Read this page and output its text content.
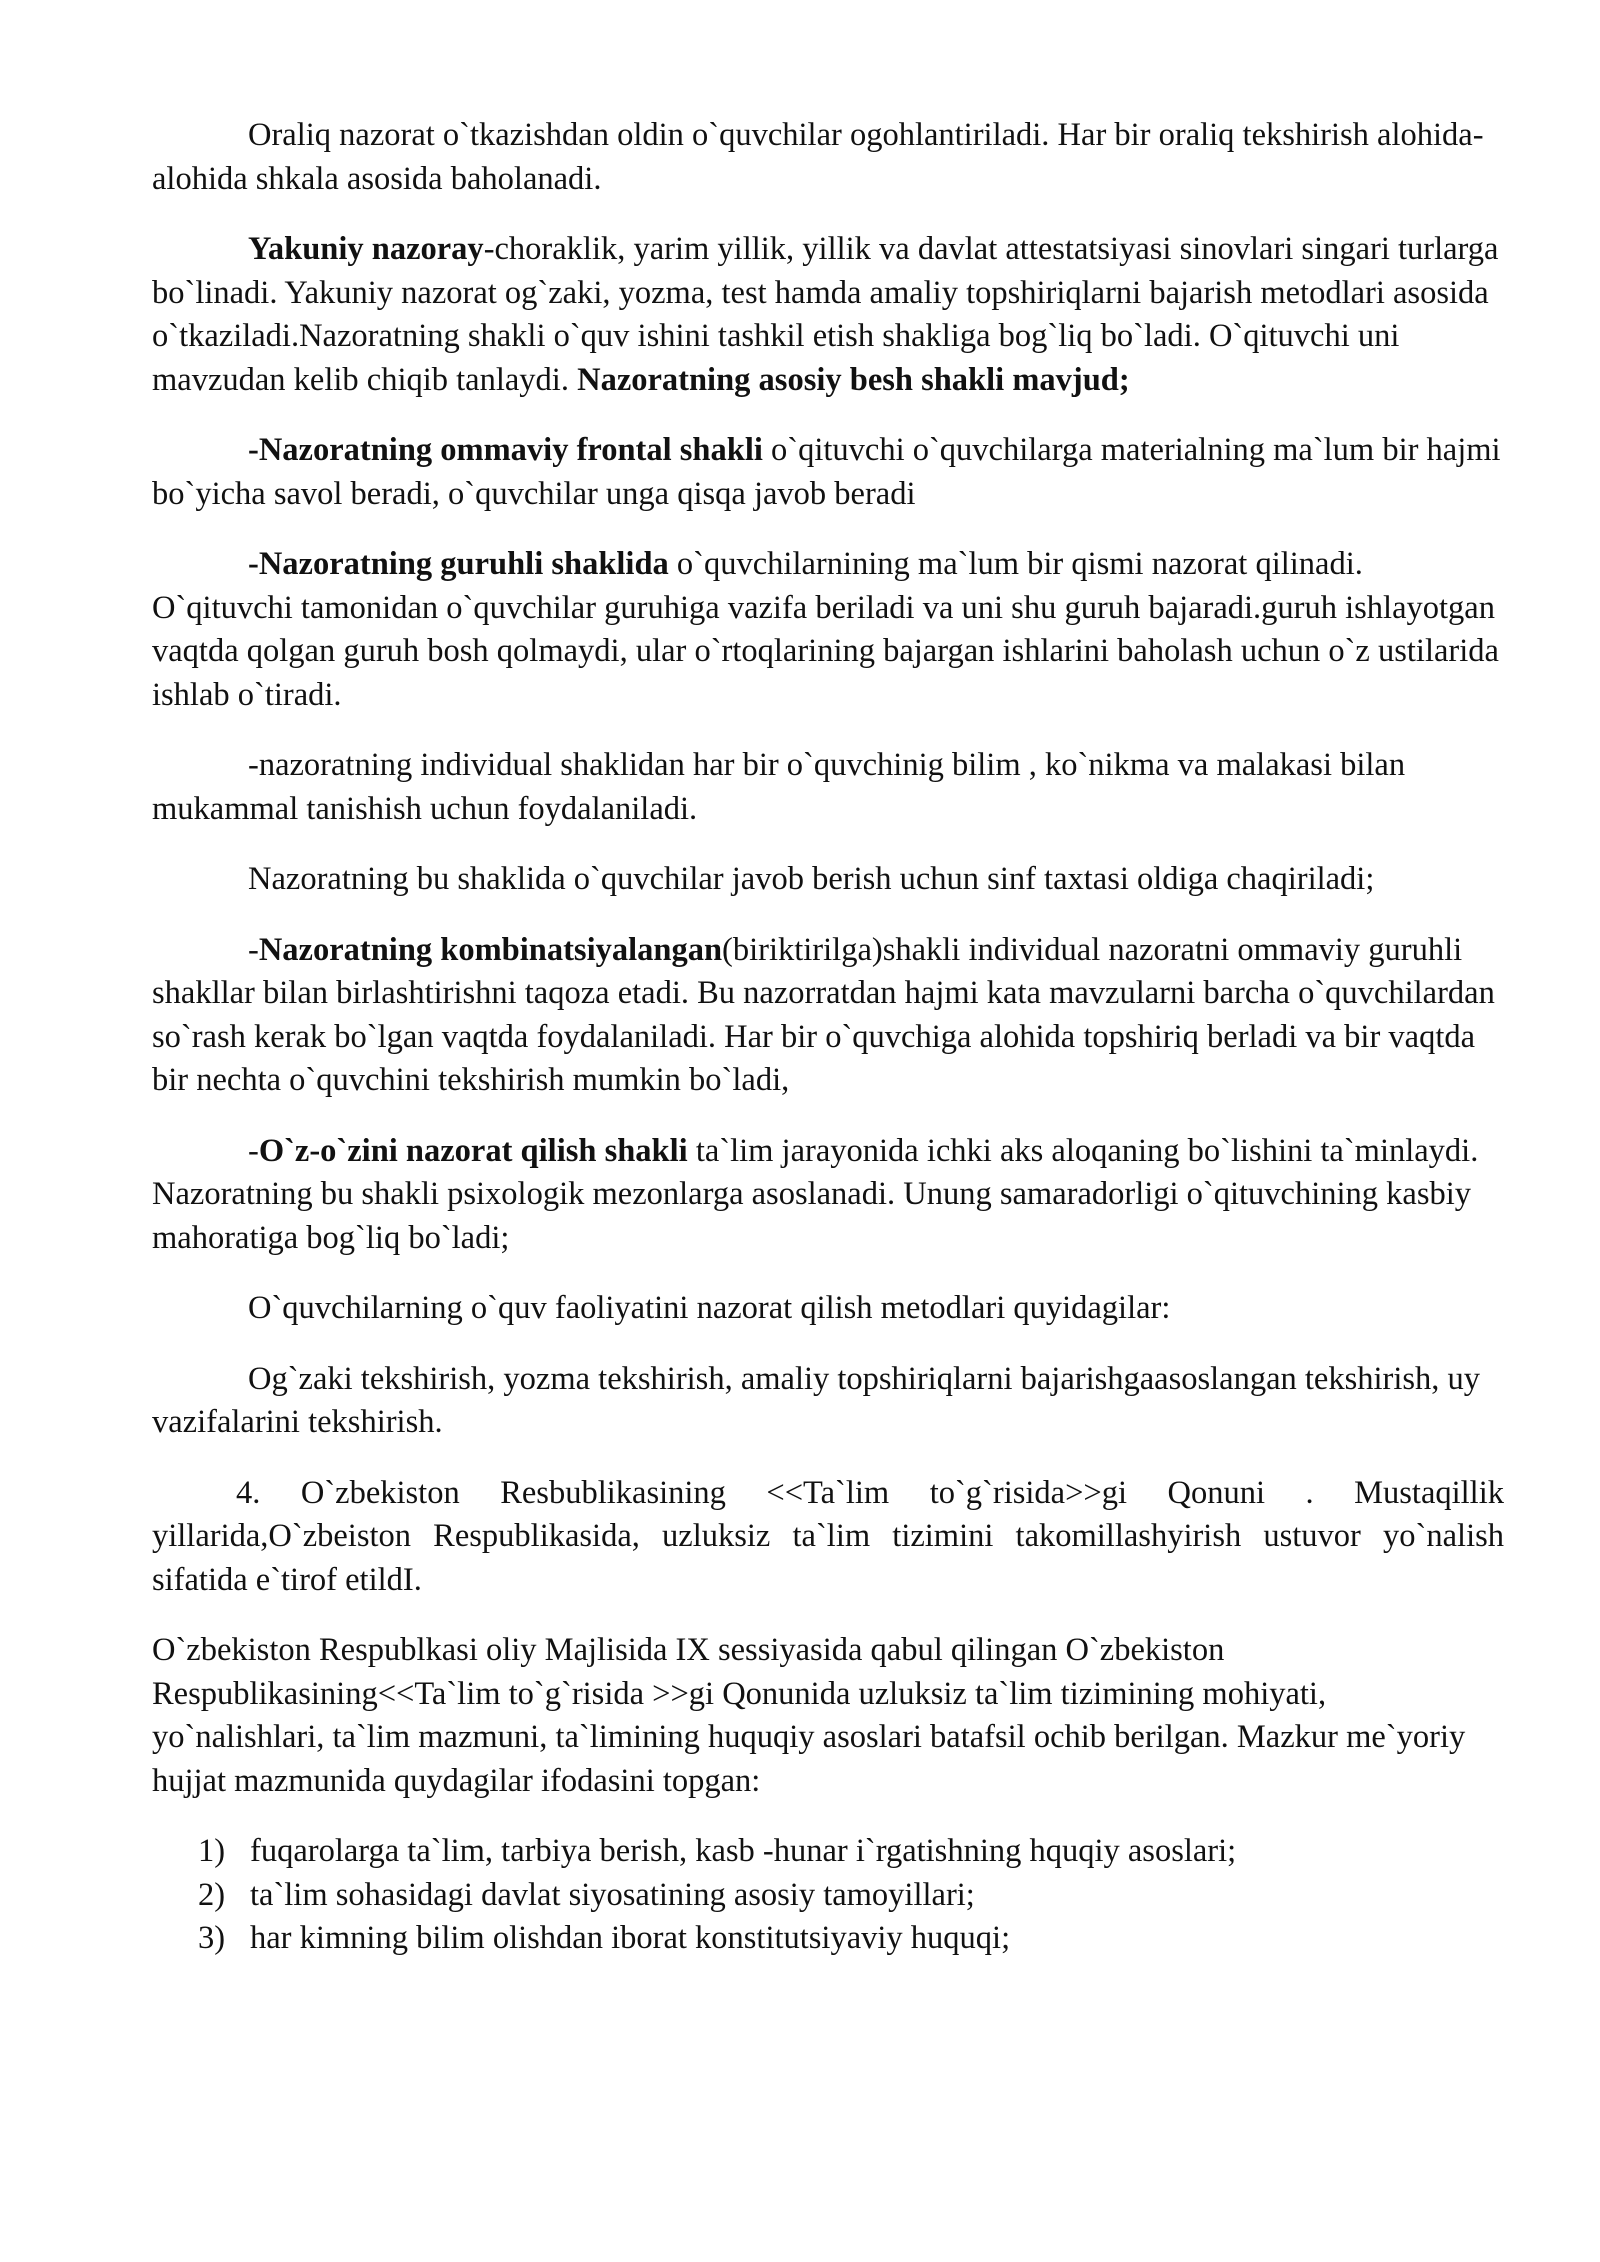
Oraliq nazorat o`tkazishdan oldin o`quvchilar ogohlantiriladi. Har bir oraliq tekshirish alohida- alohida shkala asosida baholanadi.

Yakuniy nazoray-choraklik, yarim yillik, yillik va davlat attestatsiyasi sinovlari singari turlarga bo`linadi. Yakuniy nazorat og`zaki, yozma, test hamda amaliy topshiriqlarni bajarish metodlari asosida o`tkaziladi.Nazoratning shakli o`quv ishini tashkil etish shakliga bog`liq bo`ladi. O`qituvchi uni mavzudan kelib chiqib tanlaydi. Nazoratning asosiy besh shakli mavjud;

-Nazoratning ommaviy frontal shakli o`qituvchi o`quvchilarga materialning ma`lum bir hajmi bo`yicha savol beradi, o`quvchilar unga qisqa javob beradi

-Nazoratning guruhli shaklida o`quvchilarnining ma`lum bir qismi nazorat qilinadi. O`qituvchi tamonidan o`quvchilar guruhiga vazifa beriladi va uni shu guruh bajaradi.guruh ishlayotgan vaqtda qolgan guruh bosh qolmaydi, ular o`rtoqlarining bajargan ishlarini baholash uchun o`z ustilarida ishlab o`tiradi.

-nazoratning individual shaklidan har bir o`quvchinig bilim , ko`nikma va malakasi bilan mukammal tanishish uchun foydalaniladi.

Nazoratning bu shaklida o`quvchilar javob berish uchun sinf taxtasi oldiga chaqiriladi;

-Nazoratning kombinatsiyalangan(biriktirilga)shakli individual nazoratni ommaviy guruhli shakllar bilan birlashtirishni taqoza etadi. Bu nazorratdan hajmi kata mavzularni barcha o`quvchilardan so`rash kerak bo`lgan vaqtda foydalaniladi. Har bir o`quvchiga alohida topshiriq berladi va bir vaqtda bir nechta o`quvchini tekshirish mumkin bo`ladi,

-O`z-o`zini nazorat qilish shakli ta`lim jarayonida ichki aks aloqaning bo`lishini ta`minlaydi. Nazoratning bu shakli psixologik mezonlarga asoslanadi. Unung samaradorligi o`qituvchining kasbiy mahoratiga bog`liq bo`ladi;

O`quvchilarning o`quv faoliyatini nazorat qilish metodlari quyidagilar:

Og`zaki tekshirish, yozma tekshirish, amaliy topshiriqlarni bajarishgaasoslangan tekshirish, uy vazifalarini tekshirish.

4. O`zbekiston Resbublikasining <<Ta`lim to`g`risida>>gi Qonuni . Mustaqillik yillarida,O`zbeiston Respublikasida, uzluksiz ta`lim tizimini takomillashyirish ustuvor yo`nalish sifatida e`tirof etildI.

O`zbekiston Respublkasi oliy Majlisida IX sessiyasida qabul qilingan O`zbekiston Respublikasining<<Ta`lim to`g`risida >>gi Qonunida uzluksiz ta`lim tizimining mohiyati, yo`nalishlari, ta`lim mazmuni, ta`limining huquqiy asoslari batafsil ochib berilgan. Mazkur me`yoriy hujjat mazmunida quydagilar ifodasini topgan:

1) fuqarolarga ta`lim, tarbiya berish, kasb -hunar i`rgatishning hquqiy asoslari;
2) ta`lim sohasidagi davlat siyosatining asosiy tamoyillari;
3) har kimning bilim olishdan iborat konstitutsiyaviy huquqi;
